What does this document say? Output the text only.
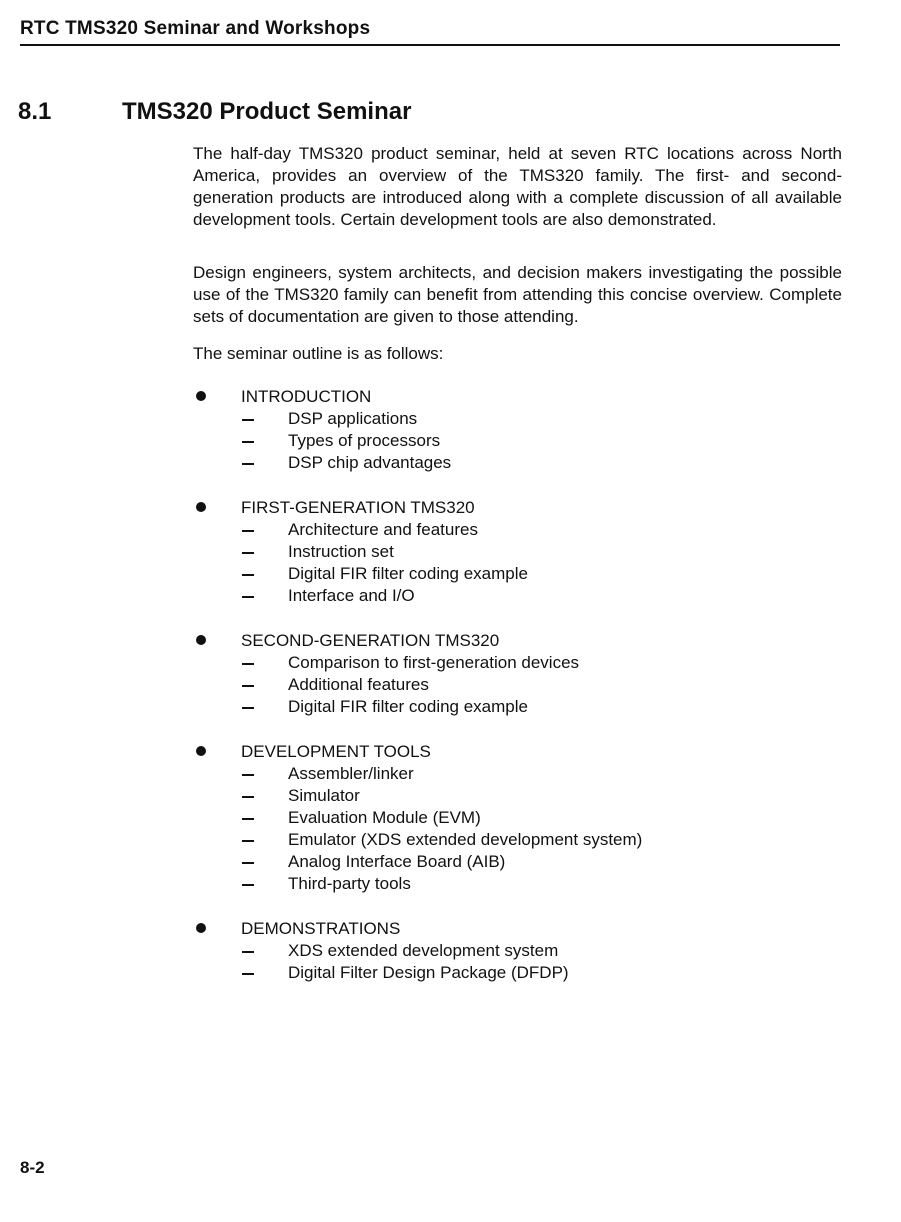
RTC TMS320 Seminar and Workshops
8.1	TMS320 Product Seminar

The half-day TMS320 product seminar, held at seven RTC locations across North America, provides an overview of the TMS320 family. The first- and second-generation products are introduced along with a complete discussion of all available development tools. Certain development tools are also demonstrated.

Design engineers, system architects, and decision makers investigating the possible use of the TMS320 family can benefit from attending this concise overview. Complete sets of documentation are given to those attending.

The seminar outline is as follows:

INTRODUCTION
DSP applications
Types of processors
DSP chip advantages
FIRST-GENERATION TMS320
Architecture and features
Instruction set
Digital FIR filter coding example
Interface and I/O
SECOND-GENERATION TMS320
Comparison to first-generation devices
Additional features
Digital FIR filter coding example
DEVELOPMENT TOOLS
Assembler/linker
Simulator
Evaluation Module (EVM)
Emulator (XDS extended development system)
Analog Interface Board (AIB)
Third-party tools
DEMONSTRATIONS
XDS extended development system
Digital Filter Design Package (DFDP)
8-2
